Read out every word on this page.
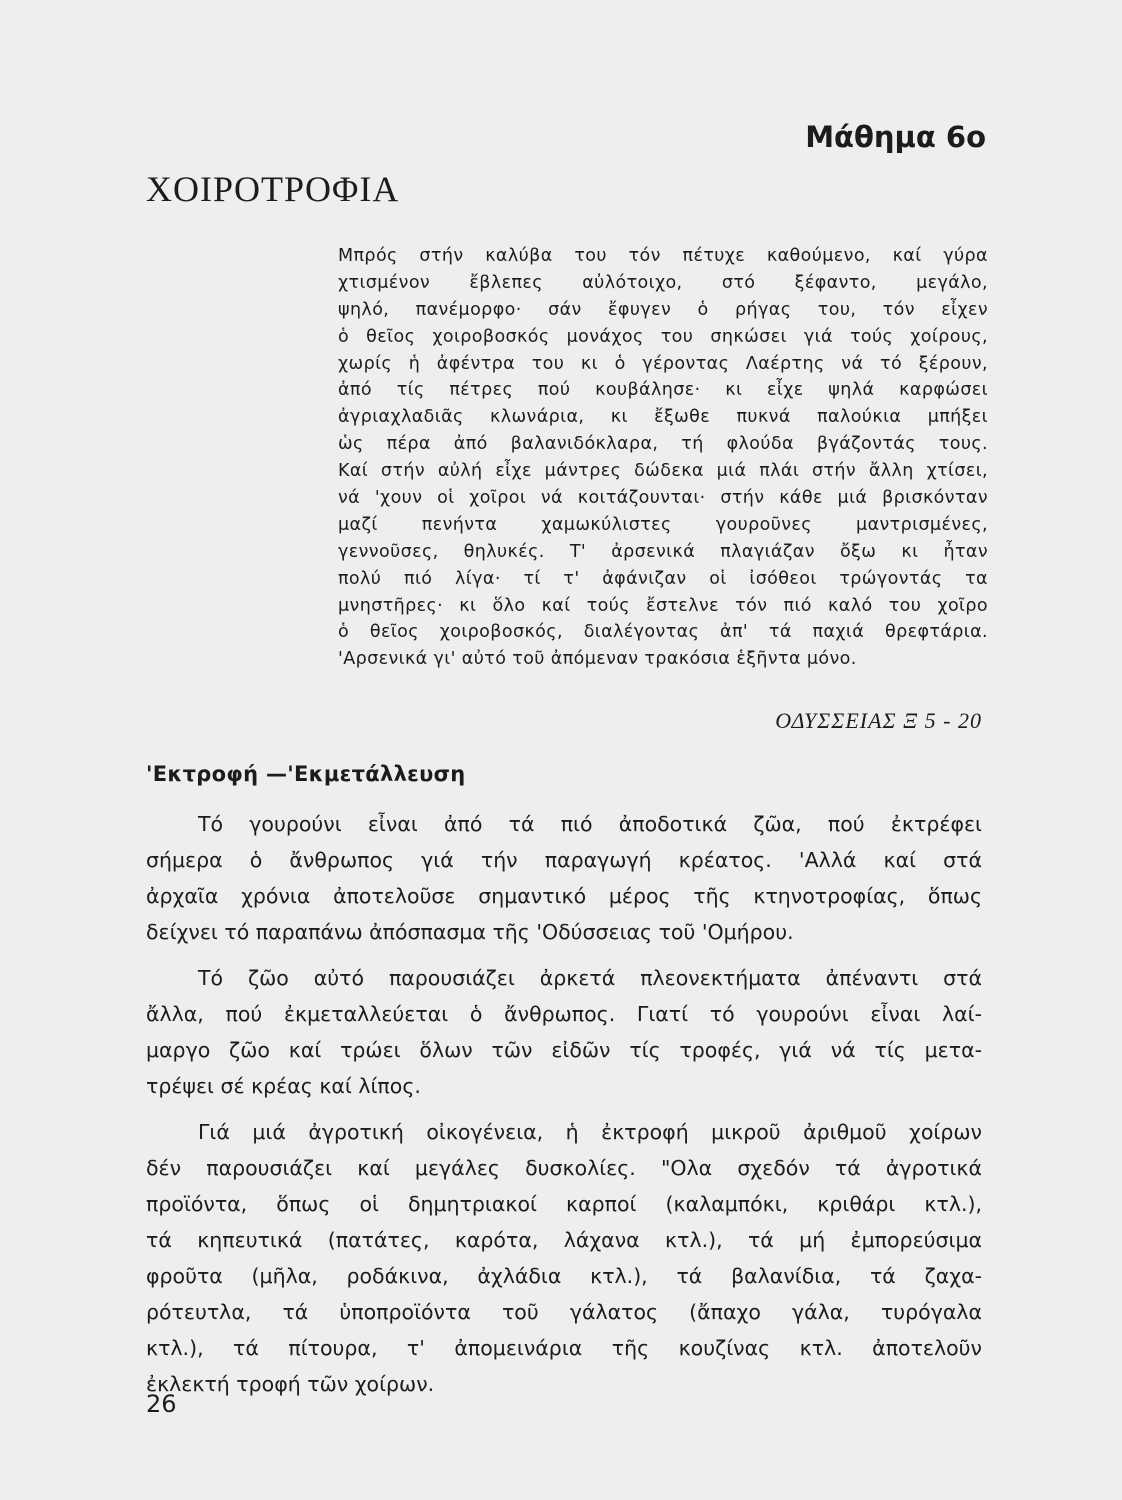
Μάθημα 6ο
ΧΟΙΡΟΤΡΟΦΙΑ
Μπρός στήν καλύβα του τόν πέτυχε καθούμενο, καί γύρα
χτισμένον ἔβλεπες αὐλότοιχο, στό ξέφαντο, μεγάλο,
ψηλό, πανέμορφο· σάν ἔφυγεν ὁ ρήγας του, τόν εἶχεν
ὁ θεῖος χοιροβοσκός μονάχος του σηκώσει γιά τούς χοίρους,
χωρίς ἡ ἀφέντρα του κι ὁ γέροντας Λαέρτης νά τό ξέρουν,
ἀπό τίς πέτρες πού κουβάλησε· κι εἶχε ψηλά καρφώσει
ἀγριαχλαδιᾶς κλωνάρια, κι ἔξωθε πυκνά παλούκια μπήξει
ὡς πέρα ἀπό βαλανιδόκλαρα, τή φλούδα βγάζοντάς τους.
Καί στήν αὐλή εἶχε μάντρες δώδεκα μιά πλάι στήν ἄλλη χτίσει,
νά 'χουν οἱ χοῖροι νά κοιτάζουνται· στήν κάθε μιά βρισκόνταν
μαζί πενήντα χαμωκύλιστες γουροῦνες μαντρισμένες,
γεννοῦσες, θηλυκές. Τ' ἀρσενικά πλαγιάζαν ὄξω κι ἦταν
πολύ πιό λίγα· τί τ' ἀφάνιζαν οἱ ἰσόθεοι τρώγοντάς τα
μνηστῆρες· κι ὅλο καί τούς ἔστελνε τόν πιό καλό του χοῖρο
ὁ θεῖος χοιροβοσκός, διαλέγοντας ἀπ' τά παχιά θρεφτάρια.
'Αρσενικά γι' αὐτό τοῦ ἀπόμεναν τρακόσια ἑξῆντα μόνο.
ΟΔΥΣΣΕΙΑΣ Ξ 5 - 20
'Εκτροφή —'Εκμετάλλευση
Τό γουρούνι εἶναι ἀπό τά πιό ἀποδοτικά ζῶα, πού ἐκτρέφει
σήμερα ὁ ἄνθρωπος γιά τήν παραγωγή κρέατος. 'Αλλά καί στά
ἀρχαῖα χρόνια ἀποτελοῦσε σημαντικό μέρος τῆς κτηνοτροφίας, ὅπως
δείχνει τό παραπάνω ἀπόσπασμα τῆς 'Οδύσσειας τοῦ 'Ομήρου.
Τό ζῶο αὐτό παρουσιάζει ἀρκετά πλεονεκτήματα ἀπέναντι στά
ἄλλα, πού ἐκμεταλλεύεται ὁ ἄνθρωπος. Γιατί τό γουρούνι εἶναι λαί-
μαργο ζῶο καί τρώει ὅλων τῶν εἰδῶν τίς τροφές, γιά νά τίς μετα-
τρέψει σέ κρέας καί λίπος.
Γιά μιά ἀγροτική οἰκογένεια, ἡ ἐκτροφή μικροῦ ἀριθμοῦ χοίρων
δέν παρουσιάζει καί μεγάλες δυσκολίες. "Ολα σχεδόν τά ἀγροτικά
προϊόντα, ὅπως οἱ δημητριακοί καρποί (καλαμπόκι, κριθάρι κτλ.),
τά κηπευτικά (πατάτες, καρότα, λάχανα κτλ.), τά μή ἐμπορεύσιμα
φροῦτα (μῆλα, ροδάκινα, ἀχλάδια κτλ.), τά βαλανίδια, τά ζαχα-
ρότευτλα, τά ὑποπροϊόντα τοῦ γάλατος (ἄπαχο γάλα, τυρόγαλα
κτλ.), τά πίτουρα, τ' ἀπομεινάρια τῆς κουζίνας κτλ. ἀποτελοῦν
ἐκλεκτή τροφή τῶν χοίρων.
26
